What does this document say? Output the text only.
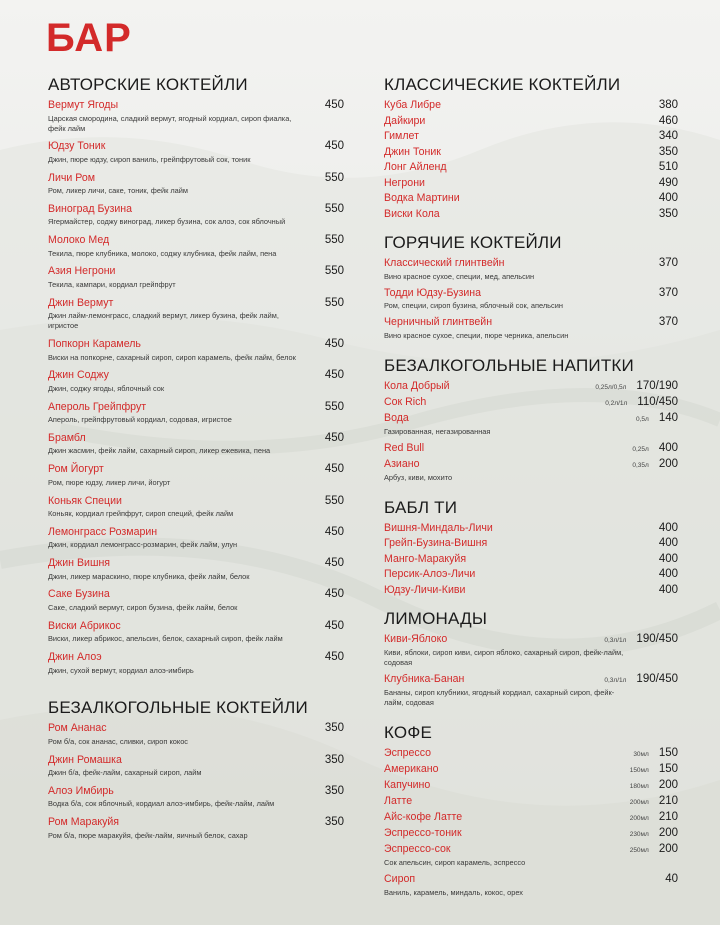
БАР
АВТОРСКИЕ КОКТЕЙЛИ
Вермут Ягоды	450
Царская смородина, сладкий вермут, ягодный кордиал, сироп фиалка, фейк лайм
Юдзу Тоник	450
Джин, пюре юдзу, сироп ваниль, грейпфрутовый сок, тоник
Личи Ром	550
Ром, ликер личи, саке, тоник, фейк лайм
Виноград Бузина	550
Ягермайстер, соджу виноград, ликер бузина, сок алоэ, сок яблочный
Молоко Мед	550
Текила, пюре клубника, молоко, соджу клубника, фейк лайм, пена
Азия Негрони	550
Текила, кампари, кордиал грейпфрут
Джин Вермут	550
Джин лайм-лемонграсс, сладкий вермут, ликер бузина, фейк лайм, игристое
Попкорн Карамель	450
Виски на попкорне, сахарный сироп, сироп карамель, фейк лайм, белок
Джин Соджу	450
Джин, соджу ягоды, яблочный сок
Апероль Грейпфрут	550
Апероль, грейпфрутовый кордиал, содовая, игристое
Брамбл	450
Джин жасмин, фейк лайм, сахарный сироп, ликер ежевика, пена
Ром Йогурт	450
Ром, пюре юдзу, ликер личи, йогурт
Коньяк Специи	550
Коньяк, кордиал грейпфрут, сироп специй, фейк лайм
Лемонграсс Розмарин	450
Джин, кордиал лемонграсс-розмарин, фейк лайм, улун
Джин Вишня	450
Джин, ликер мараскино, пюре клубника, фейк лайм, белок
Саке Бузина	450
Саке, сладкий вермут, сироп бузина, фейк лайм, белок
Виски Абрикос	450
Виски, ликер абрикос, апельсин, белок, сахарный сироп, фейк лайм
Джин Алоэ	450
Джин, сухой вермут, кордиал алоэ-имбирь
БЕЗАЛКОГОЛЬНЫЕ КОКТЕЙЛИ
Ром Ананас	350
Ром б/а, сок ананас, сливки, сироп кокос
Джин Ромашка	350
Джин б/а, фейк-лайм, сахарный сироп, лайм
Алоэ Имбирь	350
Водка б/а, сок яблочный, кордиал алоэ-имбирь, фейк-лайм, лайм
Ром Маракуйя	350
Ром б/а, пюре маракуйя, фейк-лайм, яичный белок, сахар
КЛАССИЧЕСКИЕ КОКТЕЙЛИ
Куба Либре	380
Дайкири	460
Гимлет	340
Джин Тоник	350
Лонг Айленд	510
Негрони	490
Водка Мартини	400
Виски Кола	350
ГОРЯЧИЕ КОКТЕЙЛИ
Классический глинтвейн	370
Вино красное сухое, специи, мед, апельсин
Тодди Юдзу-Бузина	370
Ром, специи, сироп бузина, яблочный сок, апельсин
Черничный глинтвейн	370
Вино красное сухое, специи, пюре черника, апельсин
БЕЗАЛКОГОЛЬНЫЕ НАПИТКИ
Кола Добрый	0,25л/0,5л 170/190
Сок Rich	0,2л/1л 110/450
Вода	0,5л 140
Газированная, негазированная
Red Bull	0,25л 400
Азиано	0,35л 200
Арбуз, киви, мохито
БАБЛ ТИ
Вишня-Миндаль-Личи	400
Грейп-Бузина-Вишня	400
Манго-Маракуйя	400
Персик-Алоэ-Личи	400
Юдзу-Личи-Киви	400
ЛИМОНАДЫ
Киви-Яблоко	0,3л/1л 190/450
Киви, яблоки, сироп киви, сироп яблоко, сахарный сироп, фейк-лайм, содовая
Клубника-Банан	0,3л/1л 190/450
Бананы, сироп клубники, ягодный кордиал, сахарный сироп, фейк-лайм, содовая
КОФЕ
Эспрессо	30мл 150
Американо	150мл 150
Капучино	180мл 200
Латте	200мл 210
Айс-кофе Латте	200мл 210
Эспрессо-тоник	230мл 200
Эспрессо-сок	250мл 200
Сок апельсин, сироп карамель, эспрессо
Сироп	40
Ваниль, карамель, миндаль, кокос, орех
